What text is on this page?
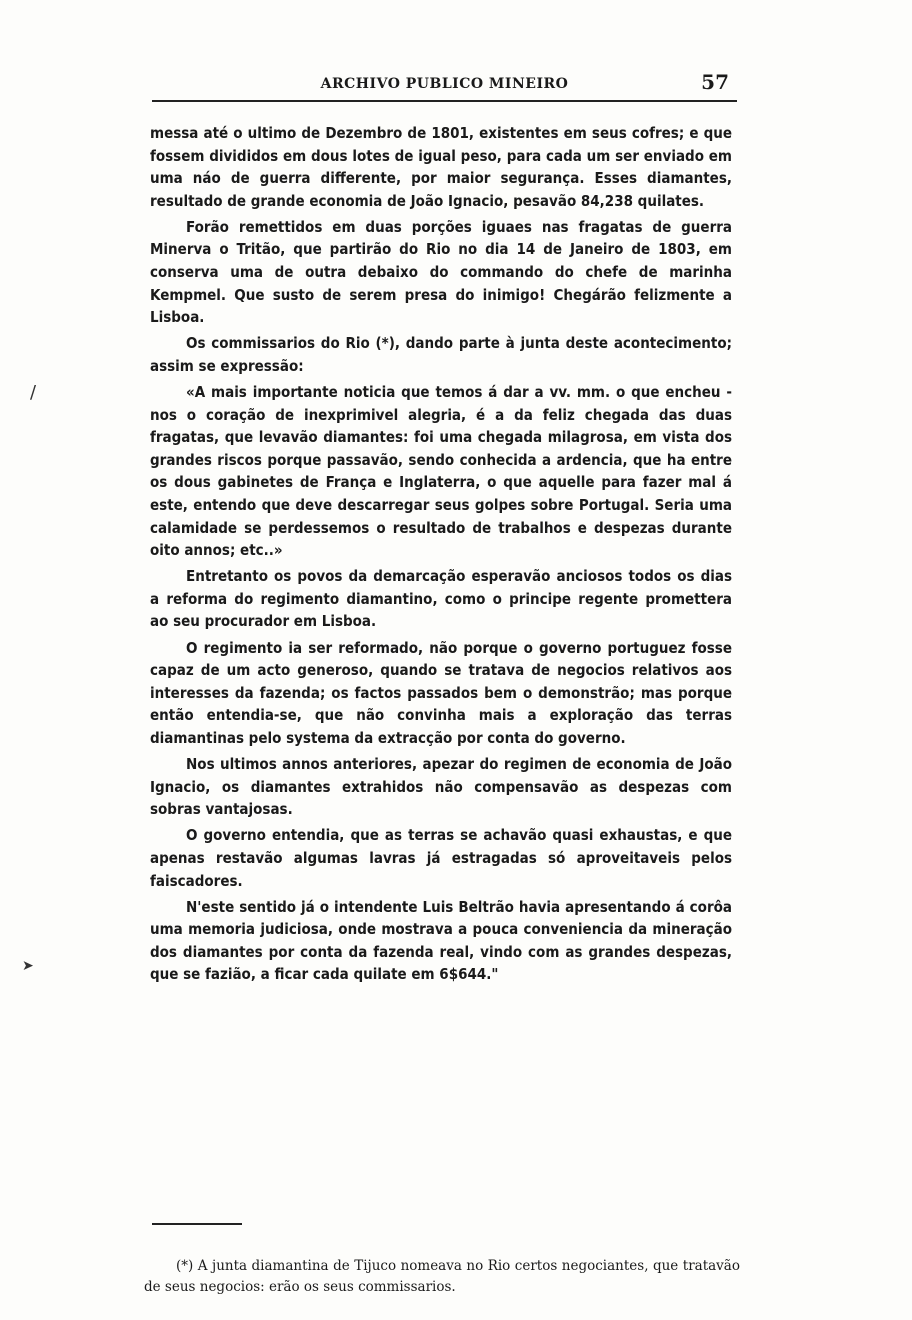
ARCHIVO PUBLICO MINEIRO	57

messa até o ultimo de Dezembro de 1801, existentes em seus cofres; e que fossem divididos em dous lotes de igual peso, para cada um ser enviado em uma náo de guerra differente, por maior segurança. Esses diamantes, resultado de grande economia de João Ignacio, pesavão 84,238 quilates.

Forão remettidos em duas porções iguaes nas fragatas de guerra Minerva o Tritão, que partirão do Rio no dia 14 de Janeiro de 1803, em conserva uma de outra debaixo do commando do chefe de marinha Kempmel. Que susto de serem presa do inimigo! Chegárão felizmente a Lisboa.

Os commissarios do Rio (*), dando parte à junta deste acontecimento; assim se expressão:

«A mais importante noticia que temos á dar a vv. mm. o que encheu -nos o coração de inexprimivel alegria, é a da feliz chegada das duas fragatas, que levavão diamantes: foi uma chegada milagrosa, em vista dos grandes riscos porque passavão, sendo conhecida a ardencia, que ha entre os dous gabinetes de França e Inglaterra, o que aquelle para fazer mal á este, entendo que deve descarregar seus golpes sobre Portugal. Seria uma calamidade se perdessemos o resultado de trabalhos e despezas durante oito annos; etc..»

Entretanto os povos da demarcação esperavão anciosos todos os dias a reforma do regimento diamantino, como o principe regente promettera ao seu procurador em Lisboa.

O regimento ia ser reformado, não porque o governo portuguez fosse capaz de um acto generoso, quando se tratava de negocios relativos aos interesses da fazenda; os factos passados bem o demonstrão; mas porque então entendia-se, que não convinha mais a exploração das terras diamantinas pelo systema da extracção por conta do governo.

Nos ultimos annos anteriores, apezar do regimen de economia de João Ignacio, os diamantes extrahidos não compensavão as despezas com sobras vantajosas.

O governo entendia, que as terras se achavão quasi exhaustas, e que apenas restavão algumas lavras já estragadas só aproveitaveis pelos faiscadores.

N'este sentido já o intendente Luis Beltrão havia apresentando á corôa uma memoria judiciosa, onde mostrava a pouca conveniencia da mineração dos diamantes por conta da fazenda real, vindo com as grandes despezas, que se fazião, a ficar cada quilate em 6$644."

/
➤
(*) A junta diamantina de Tijuco nomeava no Rio certos negociantes, que tratavão de seus negocios: erão os seus commissarios.
